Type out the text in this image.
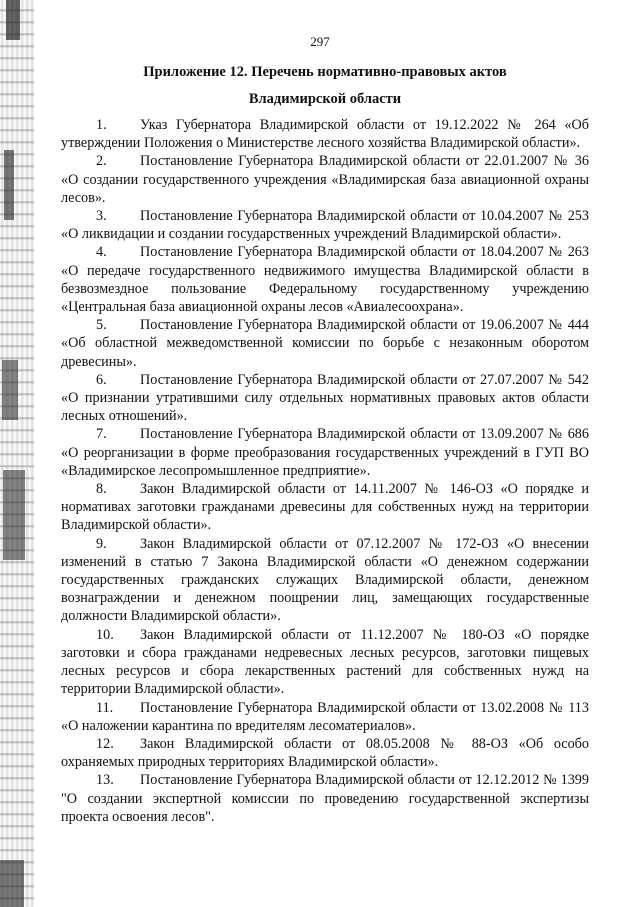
297
Приложение 12. Перечень нормативно-правовых актов
Владимирской области

1. Указ Губернатора Владимирской области от 19.12.2022 № 264 «Об утверждении Положения о Министерстве лесного хозяйства Владимирской области».

2. Постановление Губернатора Владимирской области от 22.01.2007 № 36 «О создании государственного учреждения «Владимирская база авиационной охраны лесов».

3. Постановление Губернатора Владимирской области от 10.04.2007 № 253 «О ликвидации и создании государственных учреждений Владимирской области».

4. Постановление Губернатора Владимирской области от 18.04.2007 № 263 «О передаче государственного недвижимого имущества Владимирской области в безвозмездное пользование Федеральному государственному учреждению «Центральная база авиационной охраны лесов «Авиалесоохрана».

5. Постановление Губернатора Владимирской области от 19.06.2007 № 444 «Об областной межведомственной комиссии по борьбе с незаконным оборотом древесины».

6. Постановление Губернатора Владимирской области от 27.07.2007 № 542 «О признании утратившими силу отдельных нормативных правовых актов области лесных отношений».

7. Постановление Губернатора Владимирской области от 13.09.2007 № 686 «О реорганизации в форме преобразования государственных учреждений в ГУП ВО «Владимирское лесопромышленное предприятие».

8. Закон Владимирской области от 14.11.2007 № 146-ОЗ «О порядке и нормативах заготовки гражданами древесины для собственных нужд на территории Владимирской области».

9. Закон Владимирской области от 07.12.2007 № 172-ОЗ «О внесении изменений в статью 7 Закона Владимирской области «О денежном содержании государственных гражданских служащих Владимирской области, денежном вознаграждении и денежном поощрении лиц, замещающих государственные должности Владимирской области».

10. Закон Владимирской области от 11.12.2007 № 180-ОЗ «О порядке заготовки и сбора гражданами недревесных лесных ресурсов, заготовки пищевых лесных ресурсов и сбора лекарственных растений для собственных нужд на территории Владимирской области».

11. Постановление Губернатора Владимирской области от 13.02.2008 № 113 «О наложении карантина по вредителям лесоматериалов».

12. Закон Владимирской области от 08.05.2008 № 88-ОЗ «Об особо охраняемых природных территориях Владимирской области».

13. Постановление Губернатора Владимирской области от 12.12.2012 № 1399 "О создании экспертной комиссии по проведению государственной экспертизы проекта освоения лесов".
